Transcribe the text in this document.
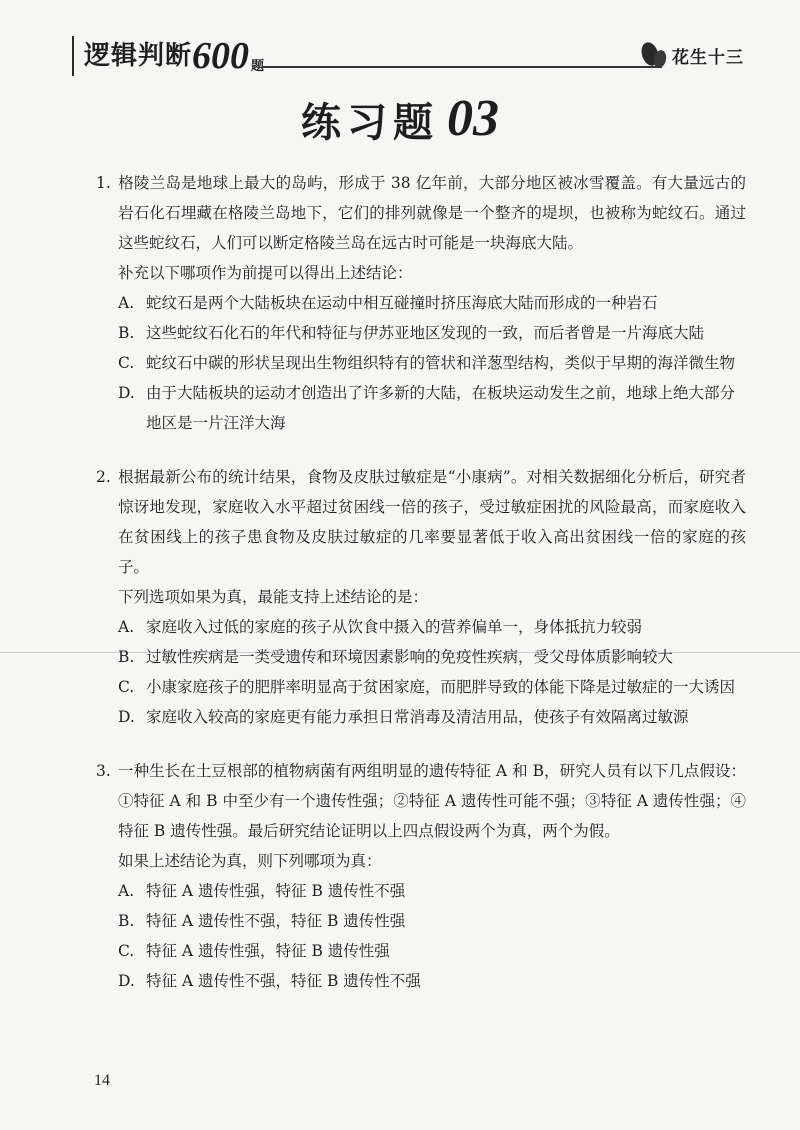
逻辑判断 600 题	花生十三
练习题 03
1. 格陵兰岛是地球上最大的岛屿，形成于 38 亿年前，大部分地区被冰雪覆盖。有大量远古的岩石化石埋藏在格陵兰岛地下，它们的排列就像是一个整齐的堤坝，也被称为蛇纹石。通过这些蛇纹石，人们可以断定格陵兰岛在远古时可能是一块海底大陆。
补充以下哪项作为前提可以得出上述结论：
A. 蛇纹石是两个大陆板块在运动中相互碰撞时挤压海底大陆而形成的一种岩石
B. 这些蛇纹石化石的年代和特征与伊苏亚地区发现的一致，而后者曾是一片海底大陆
C. 蛇纹石中碳的形状呈现出生物组织特有的管状和洋葱型结构，类似于早期的海洋微生物
D. 由于大陆板块的运动才创造出了许多新的大陆，在板块运动发生之前，地球上绝大部分地区是一片汪洋大海
2. 根据最新公布的统计结果，食物及皮肤过敏症是“小康病”。对相关数据细化分析后，研究者惊讶地发现，家庭收入水平超过贫困线一倍的孩子，受过敏症困扰的风险最高，而家庭收入在贫困线上的孩子患食物及皮肤过敏症的几率要显著低于收入高出贫困线一倍的家庭的孩子。
下列选项如果为真，最能支持上述结论的是：
A. 家庭收入过低的家庭的孩子从饮食中摄入的营养偏单一，身体抵抗力较弱
B. 过敏性疾病是一类受遗传和环境因素影响的免疫性疾病，受父母体质影响较大
C. 小康家庭孩子的肥胖率明显高于贫困家庭，而肥胖导致的体能下降是过敏症的一大诱因
D. 家庭收入较高的家庭更有能力承担日常消毒及清洁用品，使孩子有效隔离过敏源
3. 一种生长在土豆根部的植物病菌有两组明显的遗传特征 A 和 B，研究人员有以下几点假设：①特征 A 和 B 中至少有一个遗传性强；②特征 A 遗传性可能不强；③特征 A 遗传性强；④特征 B 遗传性强。最后研究结论证明以上四点假设两个为真，两个为假。
如果上述结论为真，则下列哪项为真：
A. 特征 A 遗传性强，特征 B 遗传性不强
B. 特征 A 遗传性不强，特征 B 遗传性强
C. 特征 A 遗传性强，特征 B 遗传性强
D. 特征 A 遗传性不强，特征 B 遗传性不强
14
